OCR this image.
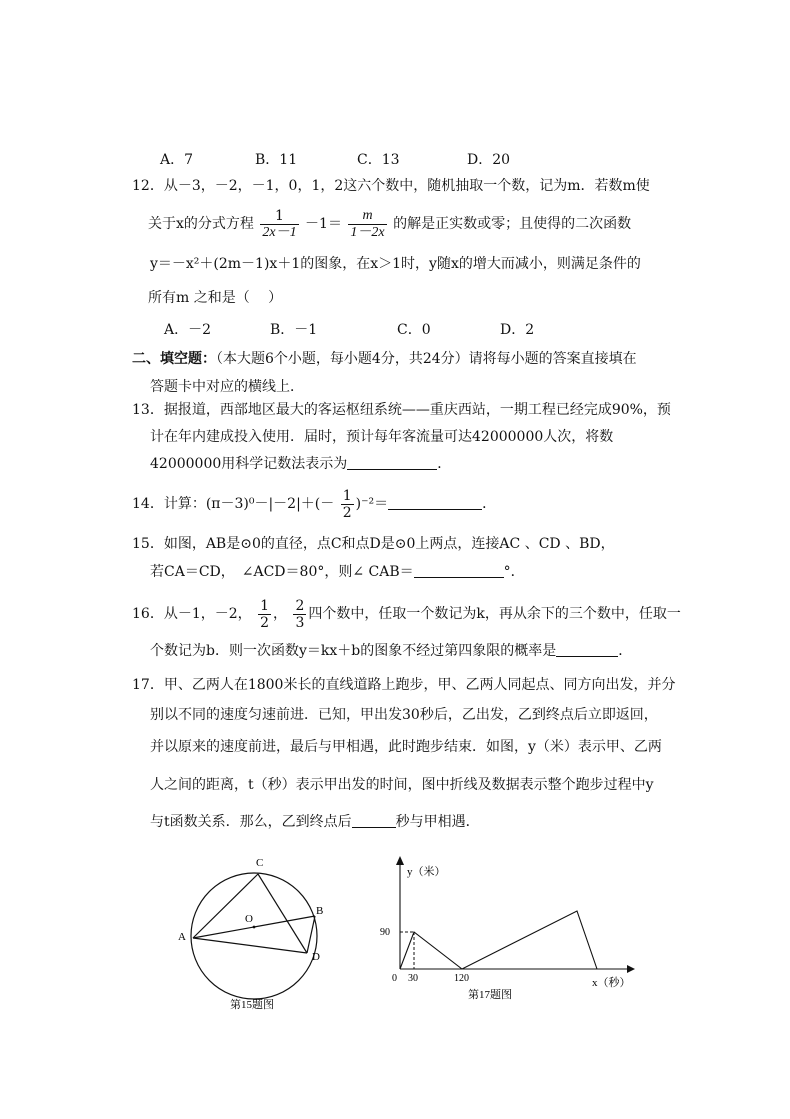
A．7	B．11	C．13	D．20
12．从－3，－2，－1，0，1，2这六个数中，随机抽取一个数，记为m．若数m使
关于x的分式方程 $\frac{1}{2x-1} -1= \frac{m}{1-2x}$ 的解是正实数或零；且使得的二次函数
y＝－x²＋(2m－1)x＋1的图象，在x＞1时，y随x的增大而减小，则满足条件的
所有m 之和是（　 ）
A．－2	B．－1	C．0	D．2
二、填空题：（本大题6个小题，每小题4分，共24分）请将每小题的答案直接填在
答题卡中对应的横线上．
13．据报道，西部地区最大的客运枢纽系统——重庆西站，一期工程已经完成90%，预
计在年内建成投入使用．届时，预计每年客流量可达42000000人次，将数
42000000用科学记数法表示为	．
14．计算：$(\pi-3)^0-|-2|+(- \frac{1}{2} )^{-2}=$	．
15．如图，AB是⊙0的直径，点C和点D是⊙0上两点，连接AC 、CD 、BD，
若CA＝CD，　∠ACD＝80°，则∠ CAB＝	°．
16．从－1，－2， $\frac{1}{2}$ ， $\frac{2}{3}$ 四个数中，任取一个数记为k，再从余下的三个数中，任取一
个数记为b．则一次函数y＝kx＋b的图象不经过第四象限的概率是	．
17．甲、乙两人在1800米长的直线道路上跑步，甲、乙两人同起点、同方向出发，并分
别以不同的速度匀速前进．已知，甲出发30秒后，乙出发，乙到终点后立即返回，
并以原来的速度前进，最后与甲相遇，此时跑步结束．如图，y（米）表示甲、乙两
人之间的距离，t（秒）表示甲出发的时间，图中折线及数据表示整个跑步过程中y
与t函数关系．那么，乙到终点后	秒与甲相遇．
A
B
C
D
O
第15题图
y（米）
x（秒）
0
90
30	120
第17题图
